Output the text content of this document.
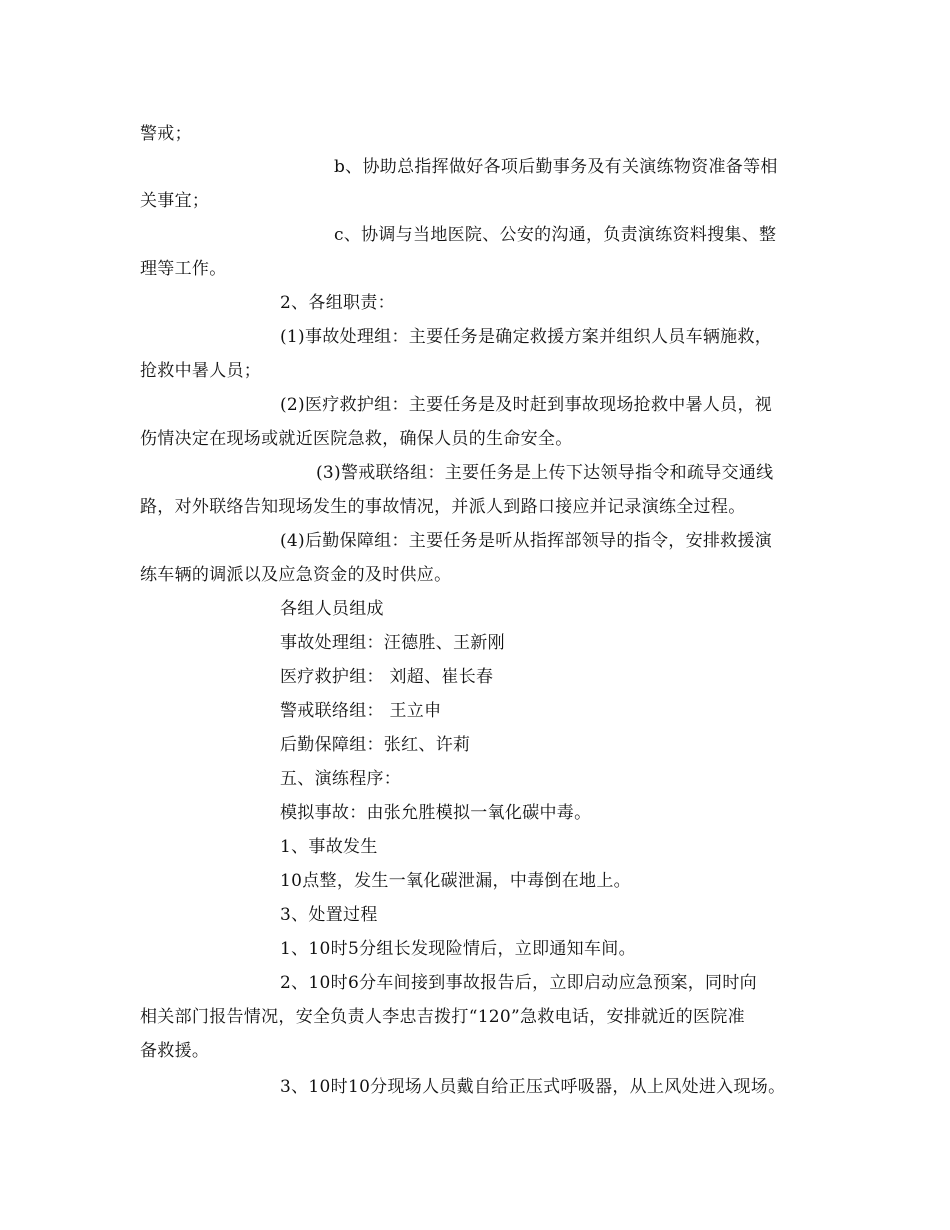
警戒；
b、协助总指挥做好各项后勤事务及有关演练物资准备等相
关事宜；
c、协调与当地医院、公安的沟通，负责演练资料搜集、整
理等工作。
2、各组职责：
(1)事故处理组：主要任务是确定救援方案并组织人员车辆施救，
抢救中暑人员；
(2)医疗救护组：主要任务是及时赶到事故现场抢救中暑人员，视
伤情决定在现场或就近医院急救，确保人员的生命安全。
(3)警戒联络组：主要任务是上传下达领导指令和疏导交通线
路，对外联络告知现场发生的事故情况，并派人到路口接应并记录演练全过程。
(4)后勤保障组：主要任务是听从指挥部领导的指令，安排救援演
练车辆的调派以及应急资金的及时供应。
各组人员组成
事故处理组：汪德胜、王新刚
医疗救护组： 刘超、崔长春
警戒联络组： 王立申
后勤保障组：张红、许莉
五、演练程序：
模拟事故：由张允胜模拟一氧化碳中毒。
1、事故发生
10点整，发生一氧化碳泄漏，中毒倒在地上。
3、处置过程
1、10时5分组长发现险情后，立即通知车间。
2、10时6分车间接到事故报告后，立即启动应急预案，同时向
相关部门报告情况，安全负责人李忠吉拨打“120”急救电话，安排就近的医院准
备救援。
3、10时10分现场人员戴自给正压式呼吸器，从上风处进入现场。
